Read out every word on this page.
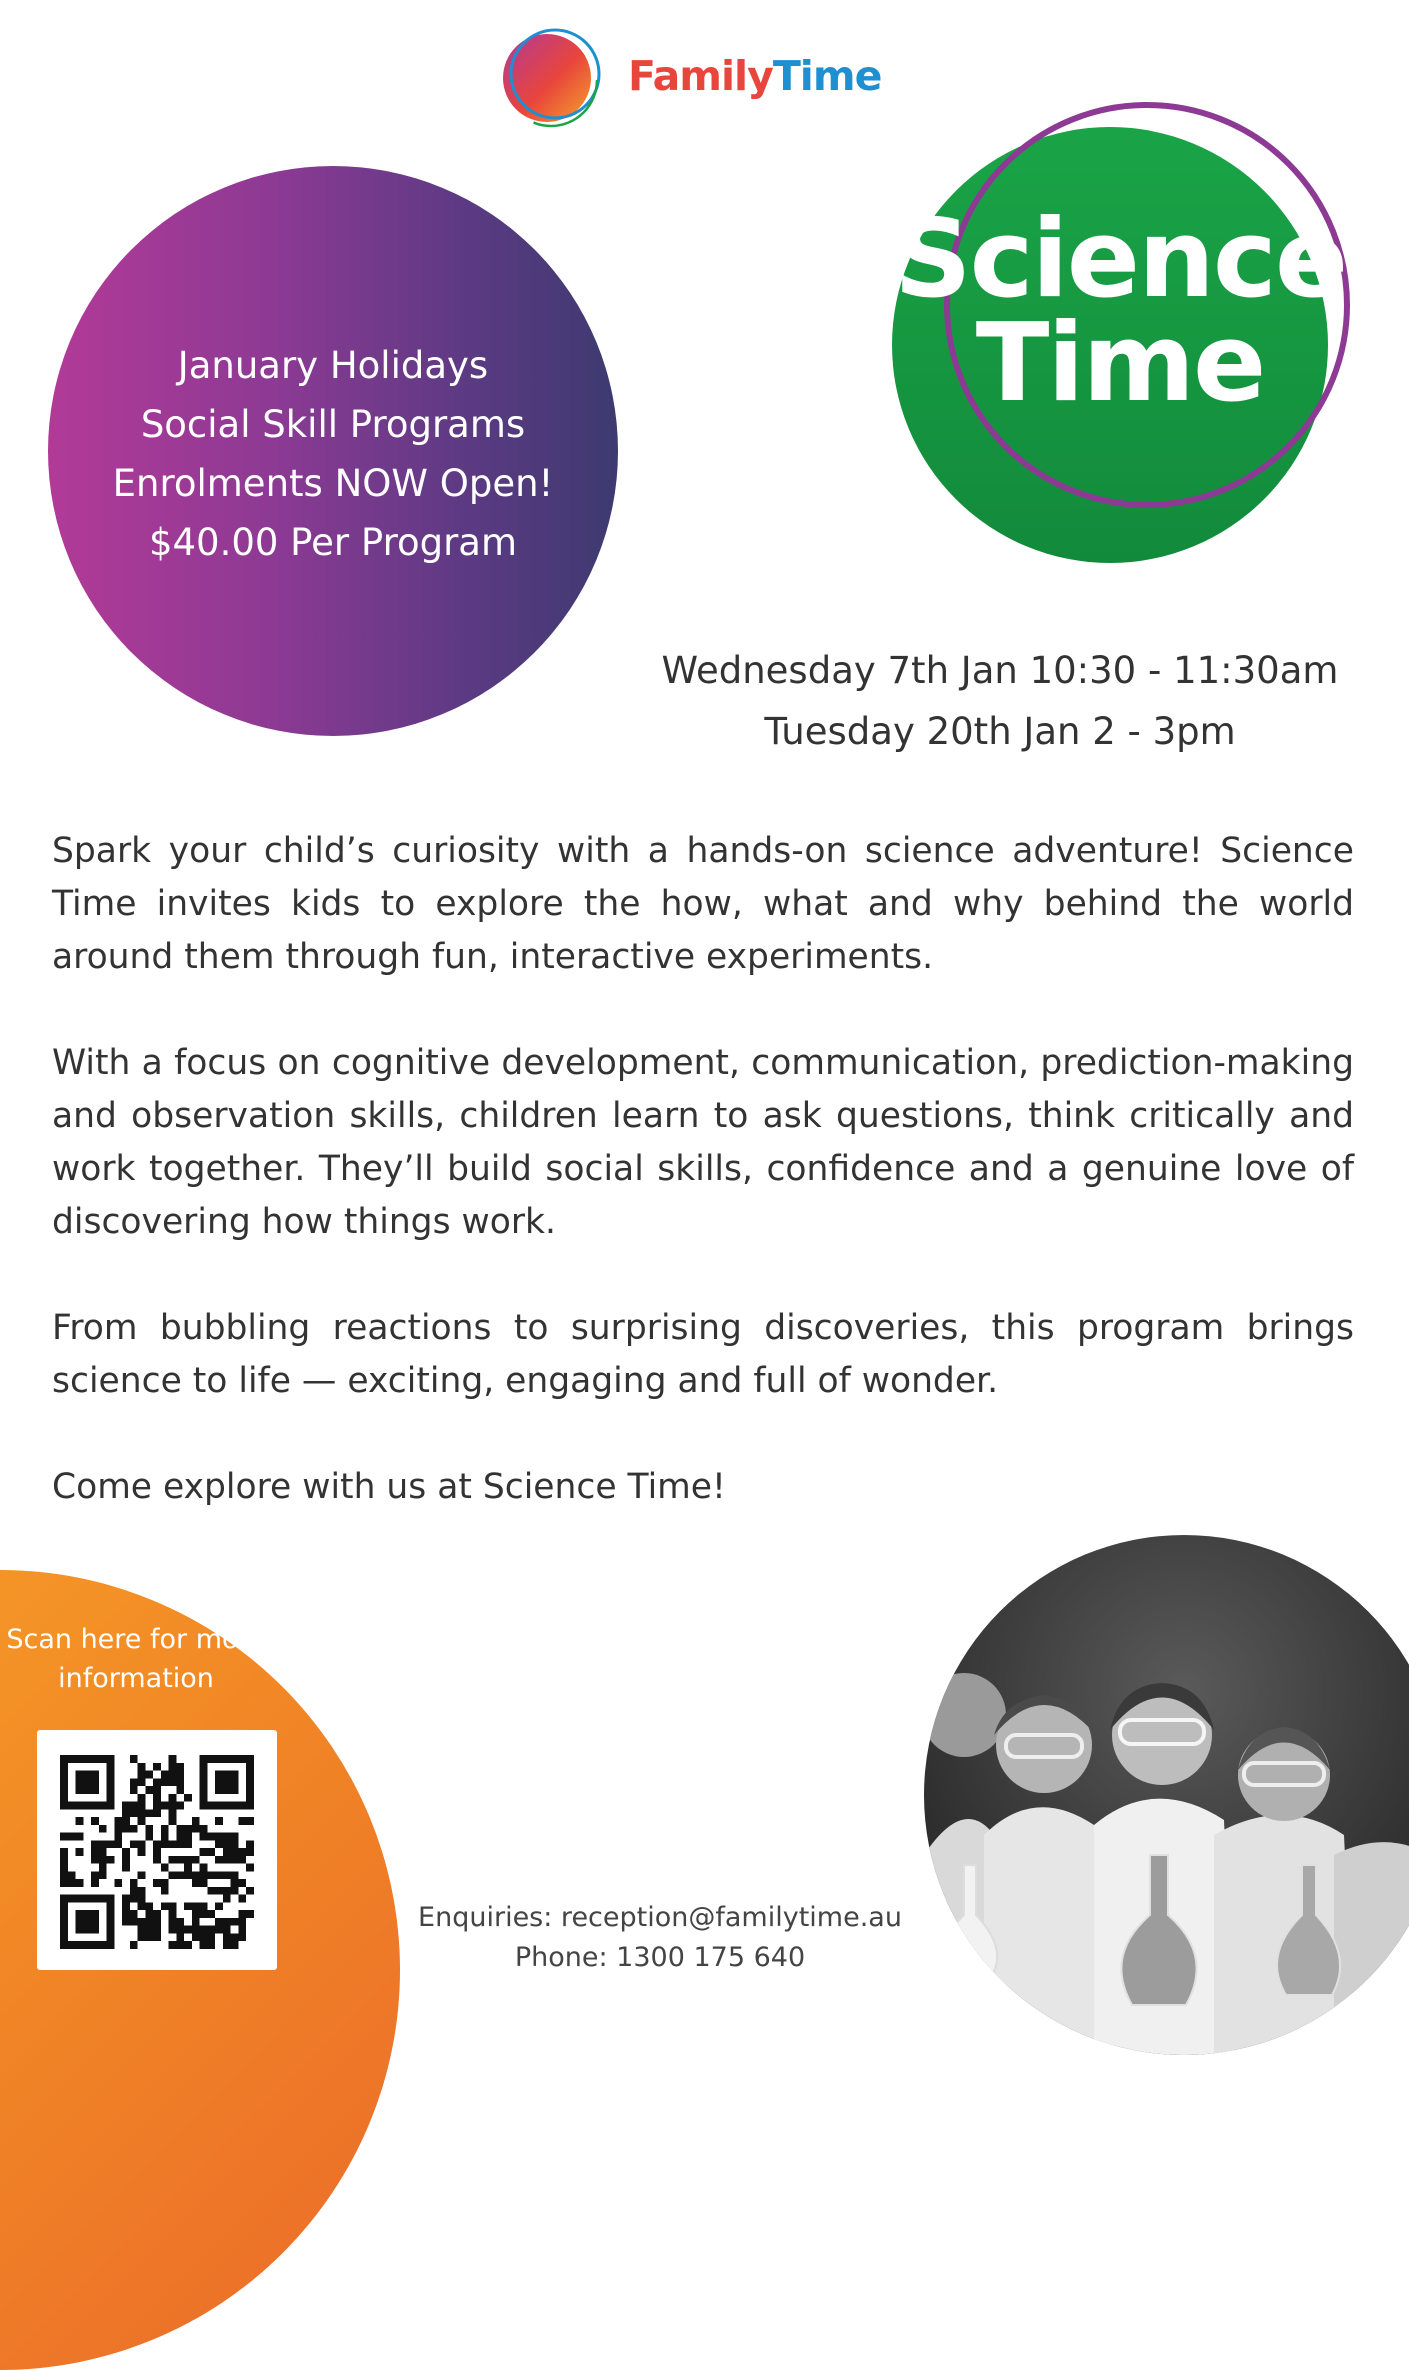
FamilyTime
January Holidays
Social Skill Programs
Enrolments NOW Open!
$40.00 Per Program
Science
Time
Wednesday 7th Jan 10:30 - 11:30am
Tuesday 20th Jan 2 - 3pm

Spark your child’s curiosity with a hands-on science adventure! Science Time invites kids to explore the how, what and why behind the world around them through fun, interactive experiments.

With a focus on cognitive development, communication, prediction-making and observation skills, children learn to ask questions, think critically and work together. They’ll build social skills, confidence and a genuine love of discovering how things work.

From bubbling reactions to surprising discoveries, this program brings science to life — exciting, engaging and full of wonder.

Come explore with us at Science Time!

Scan here for more
information
Enquiries: reception@familytime.au
Phone: 1300 175 640
